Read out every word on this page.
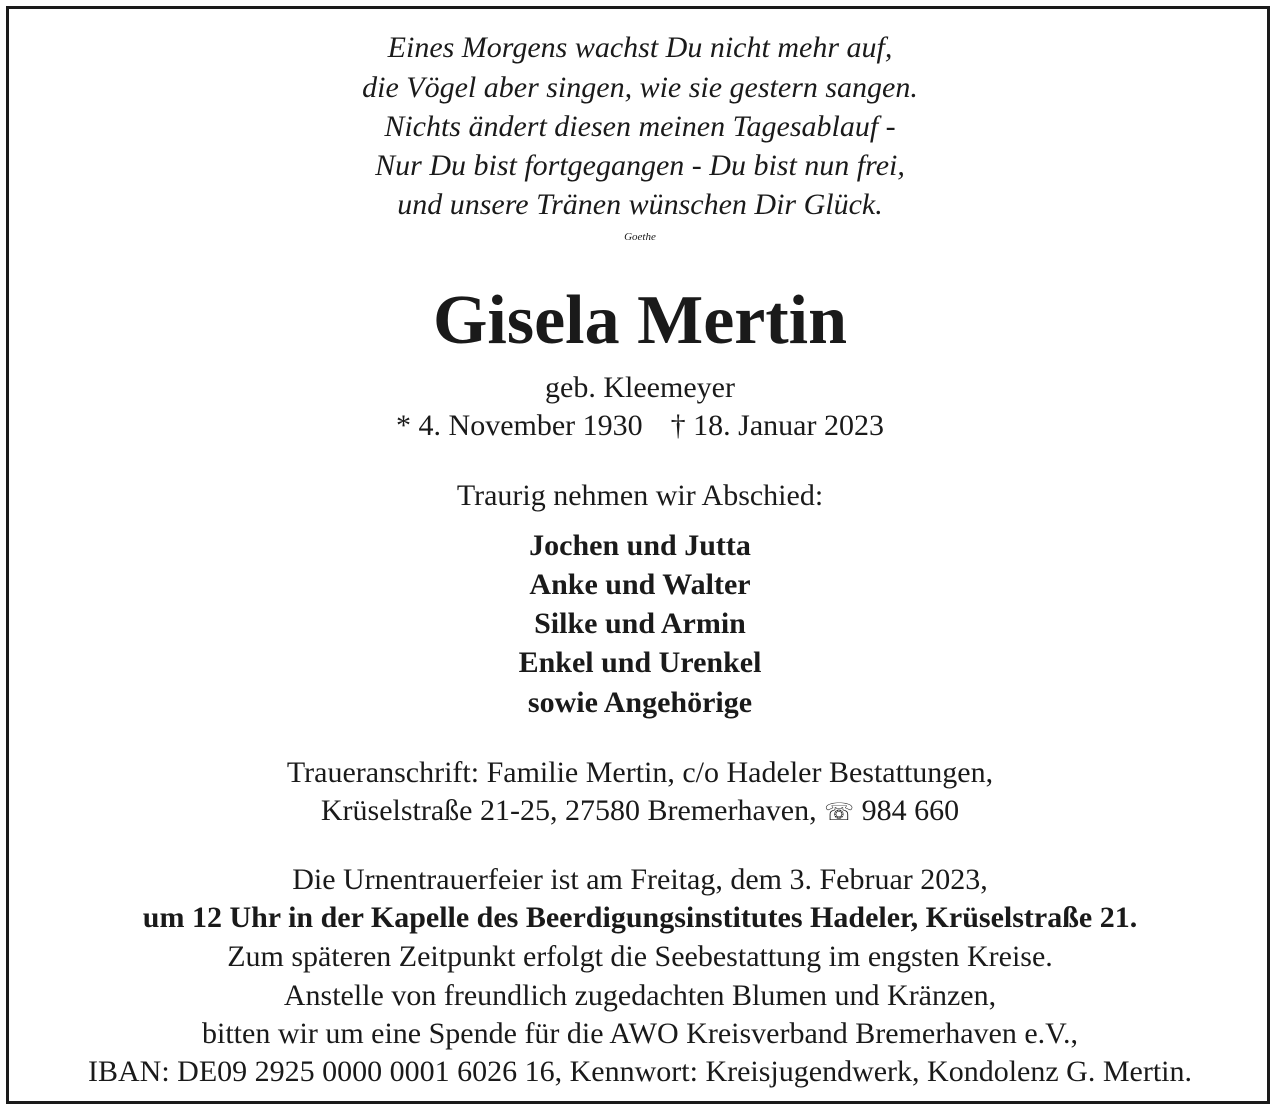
Eines Morgens wachst Du nicht mehr auf,
die Vögel aber singen, wie sie gestern sangen.
Nichts ändert diesen meinen Tagesablauf -
Nur Du bist fortgegangen - Du bist nun frei,
und unsere Tränen wünschen Dir Glück.
Goethe
Gisela Mertin
geb. Kleemeyer
* 4. November 1930 † 18. Januar 2023
Traurig nehmen wir Abschied:
Jochen und Jutta
Anke und Walter
Silke und Armin
Enkel und Urenkel
sowie Angehörige
Traueranschrift: Familie Mertin, c/o Hadeler Bestattungen,
Krüselstraße 21-25, 27580 Bremerhaven, ☏ 984 660
Die Urnentrauerfeier ist am Freitag, dem 3. Februar 2023,
um 12 Uhr in der Kapelle des Beerdigungsinstitutes Hadeler, Krüselstraße 21.
Zum späteren Zeitpunkt erfolgt die Seebestattung im engsten Kreise.
Anstelle von freundlich zugedachten Blumen und Kränzen,
bitten wir um eine Spende für die AWO Kreisverband Bremerhaven e.V.,
IBAN: DE09 2925 0000 0001 6026 16, Kennwort: Kreisjugendwerk, Kondolenz G. Mertin.
